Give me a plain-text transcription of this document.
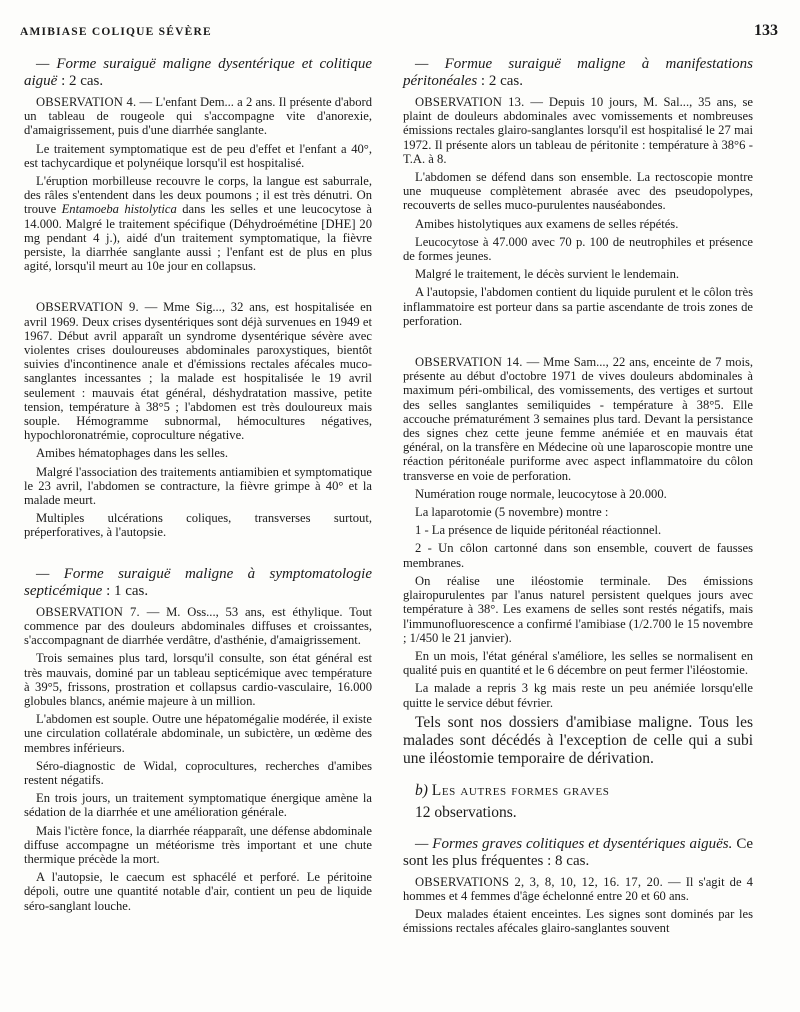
AMIBIASE COLIQUE SÉVÈRE	133

— Forme suraiguë maligne dysentérique et colitique aiguë : 2 cas.

OBSERVATION 4. — L'enfant Dem... a 2 ans. Il présente d'abord un tableau de rougeole qui s'accompagne vite d'anorexie, d'amaigrissement, puis d'une diarrhée sanglante.

Le traitement symptomatique est de peu d'effet et l'enfant a 40°, est tachycardique et polynéique lorsqu'il est hospitalisé.

L'éruption morbilleuse recouvre le corps, la langue est saburrale, des râles s'entendent dans les deux poumons ; il est très dénutri. On trouve Entamoeba histolytica dans les selles et une leucocytose à 14.000. Malgré le traitement spécifique (Déhydroémétine [DHE] 20 mg pendant 4 j.), aidé d'un traitement symptomatique, la fièvre persiste, la diarrhée sanglante aussi ; l'enfant est de plus en plus agité, lorsqu'il meurt au 10e jour en collapsus.

OBSERVATION 9. — Mme Sig..., 32 ans, est hospitalisée en avril 1969. Deux crises dysentériques sont déjà survenues en 1949 et 1967. Début avril apparaît un syndrome dysentérique sévère avec violentes crises douloureuses abdominales paroxystiques, bientôt suivies d'incontinence anale et d'émissions rectales afécales muco-sanglantes incessantes ; la malade est hospitalisée le 19 avril seulement : mauvais état général, déshydratation massive, petite tension, température à 38°5 ; l'abdomen est très douloureux mais souple. Hémogramme subnormal, hémocultures négatives, hypochloronatrémie, coproculture négative.

Amibes hématophages dans les selles.

Malgré l'association des traitements antiamibien et symptomatique le 23 avril, l'abdomen se contracture, la fièvre grimpe à 40° et la malade meurt.

Multiples ulcérations coliques, transverses surtout, préperforatives, à l'autopsie.

— Forme suraiguë maligne à symptomatologie septicémique : 1 cas.

OBSERVATION 7. — M. Oss..., 53 ans, est éthylique. Tout commence par des douleurs abdominales diffuses et croissantes, s'accompagnant de diarrhée verdâtre, d'asthénie, d'amaigrissement.

Trois semaines plus tard, lorsqu'il consulte, son état général est très mauvais, dominé par un tableau septicémique avec température à 39°5, frissons, prostration et collapsus cardio-vasculaire, 16.000 globules blancs, anémie majeure à un million.

L'abdomen est souple. Outre une hépatomégalie modérée, il existe une circulation collatérale abdominale, un subictère, un œdème des membres inférieurs.

Séro-diagnostic de Widal, coprocultures, recherches d'amibes restent négatifs.

En trois jours, un traitement symptomatique énergique amène la sédation de la diarrhée et une amélioration générale.

Mais l'ictère fonce, la diarrhée réapparaît, une défense abdominale diffuse accompagne un météorisme très important et une chute thermique précède la mort.

A l'autopsie, le caecum est sphacélé et perforé. Le péritoine dépoli, outre une quantité notable d'air, contient un peu de liquide séro-sanglant louche.

— Formue suraiguë maligne à manifestations péritonéales : 2 cas.

OBSERVATION 13. — Depuis 10 jours, M. Sal..., 35 ans, se plaint de douleurs abdominales avec vomissements et nombreuses émissions rectales glairo-sanglantes lorsqu'il est hospitalisé le 27 mai 1972. Il présente alors un tableau de péritonite : température à 38°6 - T.A. à 8.

L'abdomen se défend dans son ensemble. La rectoscopie montre une muqueuse complètement abrasée avec des pseudopolypes, recouverts de selles muco-purulentes nauséabondes.

Amibes histolytiques aux examens de selles répétés.

Leucocytose à 47.000 avec 70 p. 100 de neutrophiles et présence de formes jeunes.

Malgré le traitement, le décès survient le lendemain.

A l'autopsie, l'abdomen contient du liquide purulent et le côlon très inflammatoire est porteur dans sa partie ascendante de trois zones de perforation.

OBSERVATION 14. — Mme Sam..., 22 ans, enceinte de 7 mois, présente au début d'octobre 1971 de vives douleurs abdominales à maximum péri-ombilical, des vomissements, des vertiges et surtout des selles sanglantes semiliquides - température à 38°5. Elle accouche prématurément 3 semaines plus tard. Devant la persistance des signes chez cette jeune femme anémiée et en mauvais état général, on la transfère en Médecine où une laparoscopie montre une réaction péritonéale puriforme avec aspect inflammatoire du côlon transverse en voie de perforation.

Numération rouge normale, leucocytose à 20.000.

La laparotomie (5 novembre) montre :

1 - La présence de liquide péritonéal réactionnel.

2 - Un côlon cartonné dans son ensemble, couvert de fausses membranes.

On réalise une iléostomie terminale. Des émissions glairopurulentes par l'anus naturel persistent quelques jours avec température à 38°. Les examens de selles sont restés négatifs, mais l'immunofluorescence a confirmé l'amibiase (1/2.700 le 15 novembre ; 1/450 le 21 janvier).

En un mois, l'état général s'améliore, les selles se normalisent en qualité puis en quantité et le 6 décembre on peut fermer l'iléostomie.

La malade a repris 3 kg mais reste un peu anémiée lorsqu'elle quitte le service début février.

Tels sont nos dossiers d'amibiase maligne. Tous les malades sont décédés à l'exception de celle qui a subi une iléostomie temporaire de dérivation.

b) Les autres formes graves

12 observations.

— Formes graves colitiques et dysentériques aiguës. Ce sont les plus fréquentes : 8 cas.

OBSERVATIONS 2, 3, 8, 10, 12, 16. 17, 20. — Il s'agit de 4 hommes et 4 femmes d'âge échelonné entre 20 et 60 ans.

Deux malades étaient enceintes. Les signes sont dominés par les émissions rectales afécales glairo-sanglantes souvent
